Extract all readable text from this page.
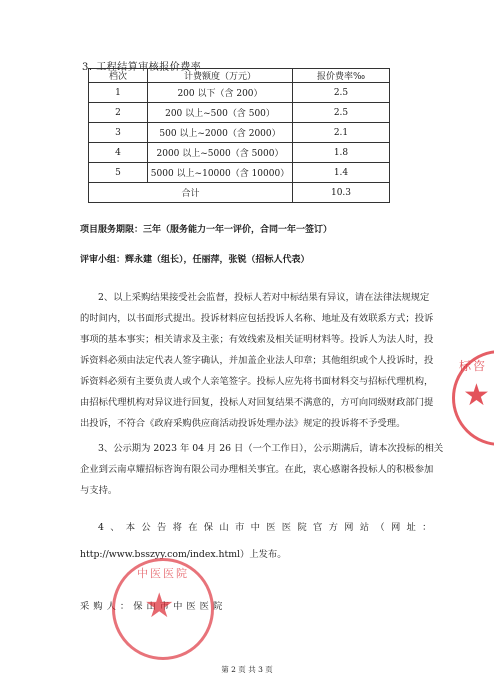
3. 工程结算审核报价费率
档次	计费额度（万元）	报价费率‰
1	200 以下（含 200）	2.5
2	200 以上~500（含 500）	2.5
3	500 以上~2000（含 2000）	2.1
4	2000 以上~5000（含 5000）	1.8
5	5000 以上~10000（含 10000）	1.4
合计		10.3
项目服务期限：三年（服务能力一年一评价，合同一年一签订）
评审小组：辉永建（组长），任丽萍，张锐（招标人代表）
2、以上采购结果接受社会监督，投标人若对中标结果有异议，请在法律法规规定
的时间内，以书面形式提出。投诉材料应包括投诉人名称、地址及有效联系方式；投诉
事项的基本事实；相关请求及主张；有效线索及相关证明材料等。投诉人为法人时，投
诉资料必须由法定代表人签字确认，并加盖企业法人印章；其他组织或个人投诉时，投
诉资料必须有主要负责人或个人亲笔签字。投标人应先将书面材料交与招标代理机构，
由招标代理机构对异议进行回复，投标人对回复结果不满意的，方可向同级财政部门提
出投诉，不符合《政府采购供应商活动投诉处理办法》规定的投诉将不予受理。
3、公示期为 2023 年 04 月 26 日（一个工作日），公示期满后，请本次投标的相关
企业到云南卓耀招标咨询有限公司办理相关事宜。在此，衷心感谢各投标人的积极参加
与支持。
4、本公告将在保山市中医医院官方网站（网址：
http://www.bsszyy.com/index.html）上发布。
采购人：保山市中医医院
★
标咨
★
中医医院
第 2 页 共 3 页
